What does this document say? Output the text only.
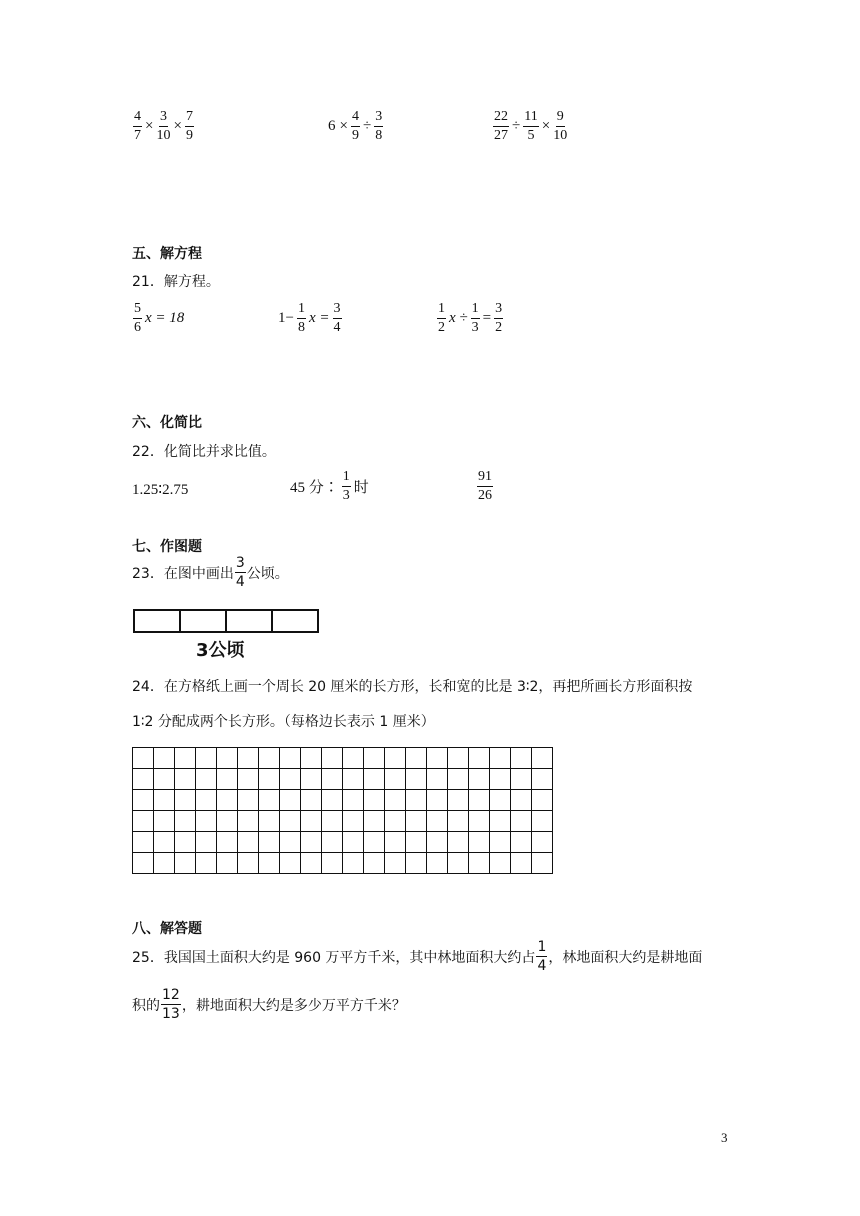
$\frac{4}{7} \times \frac{3}{10} \times \frac{7}{9}$	$6 \times \frac{4}{9} \div \frac{3}{8}$	$\frac{22}{27} \div \frac{11}{5} \times \frac{9}{10}$
五、解方程
21．解方程。
$\frac{5}{6}$ x = 18	$1- \frac{1}{8}$ $x = \frac{3}{4}$	$\frac{1}{2}$ $x \div \frac{1}{3} = \frac{3}{2}$
六、化简比
22．化简比并求比值。
1.25∶2.75	45 分∶ $\frac{1}{3}$ 时	$\frac{91}{26}$
七、作图题
23．在图中画出 $\frac{3}{4}$ 公顷。
3公顷
24．在方格纸上画一个周长 20 厘米的长方形，长和宽的比是 3∶2，再把所画长方形面积按
1∶2 分配成两个长方形。（每格边长表示 1 厘米）

八、解答题
25．我国国土面积大约是 960 万平方千米，其中林地面积大约占 $\frac{1}{4}$ ，林地面积大约是耕地面
积的 $\frac{12}{13}$ ，耕地面积大约是多少万平方千米？
3
